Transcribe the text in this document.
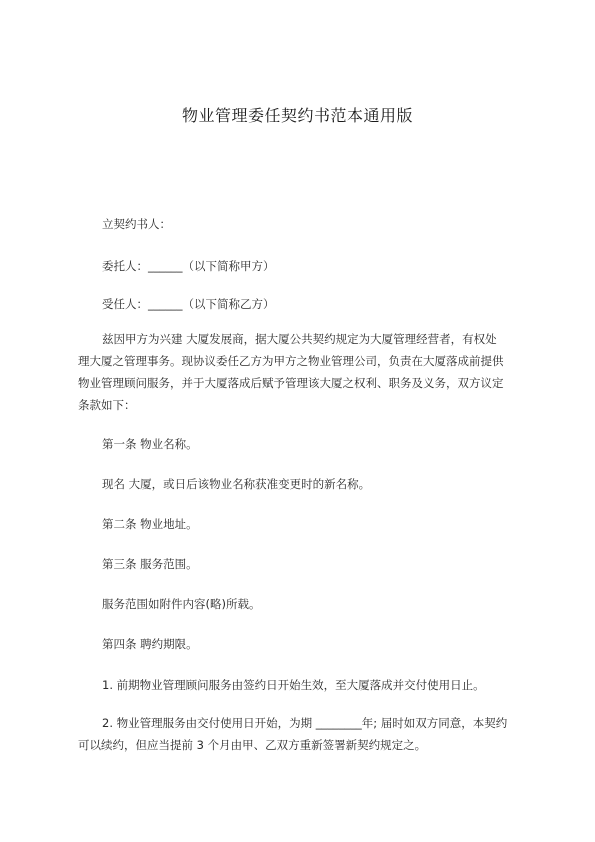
物业管理委任契约书范本通用版
立契约书人：
委托人：______（以下简称甲方）
受任人：______（以下简称乙方）
兹因甲方为兴建 大厦发展商，据大厦公共契约规定为大厦管理经营者，有权处
理大厦之管理事务。现协议委任乙方为甲方之物业管理公司，负责在大厦落成前提供
物业管理顾问服务，并于大厦落成后赋予管理该大厦之权利、职务及义务，双方议定
条款如下：
第一条 物业名称。
现名 大厦，或日后该物业名称获准变更时的新名称。
第二条 物业地址。
第三条 服务范围。
服务范围如附件内容(略)所载。
第四条 聘约期限。
1. 前期物业管理顾问服务由签约日开始生效，至大厦落成并交付使用日止。
2. 物业管理服务由交付使用日开始，为期 ________年; 届时如双方同意，本契约
可以续约，但应当提前 3 个月由甲、乙双方重新签署新契约规定之。
